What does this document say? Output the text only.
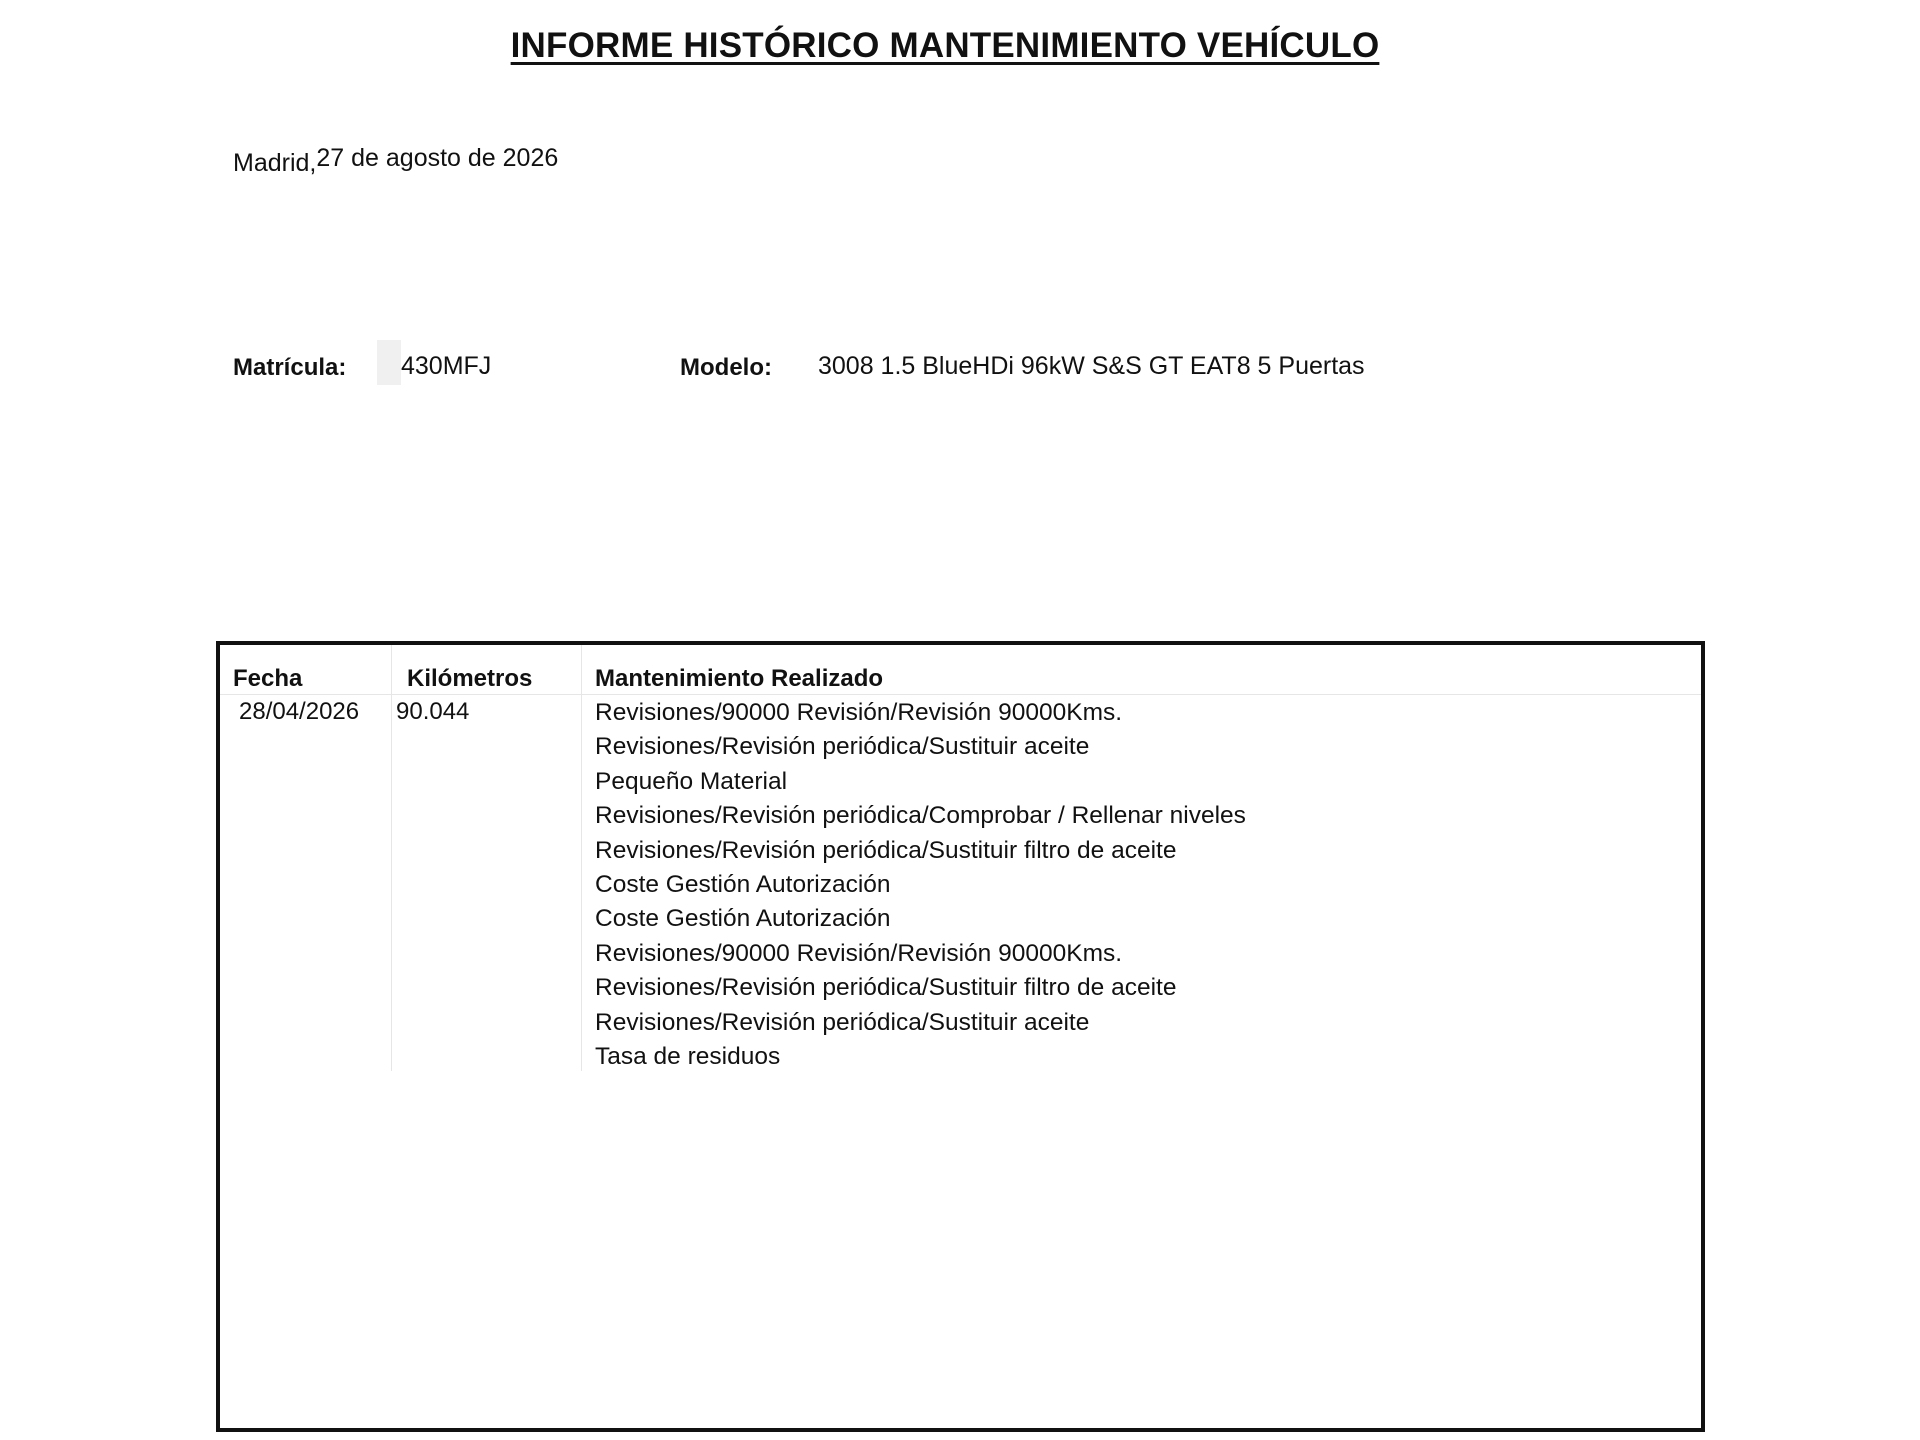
INFORME HISTÓRICO MANTENIMIENTO VEHÍCULO
Madrid,27 de agosto de 2026
Matrícula: 430MFJ	Modelo: 3008 1.5 BlueHDi 96kW S&S GT EAT8 5 Puertas
Fecha	Kilómetros	Mantenimiento Realizado
28/04/2026 90.044	Revisiones/90000 Revisión/Revisión 90000Kms.
Revisiones/Revisión periódica/Sustituir aceite
Pequeño Material
Revisiones/Revisión periódica/Comprobar / Rellenar niveles
Revisiones/Revisión periódica/Sustituir filtro de aceite
Coste Gestión Autorización
Coste Gestión Autorización
Revisiones/90000 Revisión/Revisión 90000Kms.
Revisiones/Revisión periódica/Sustituir filtro de aceite
Revisiones/Revisión periódica/Sustituir aceite
Tasa de residuos
